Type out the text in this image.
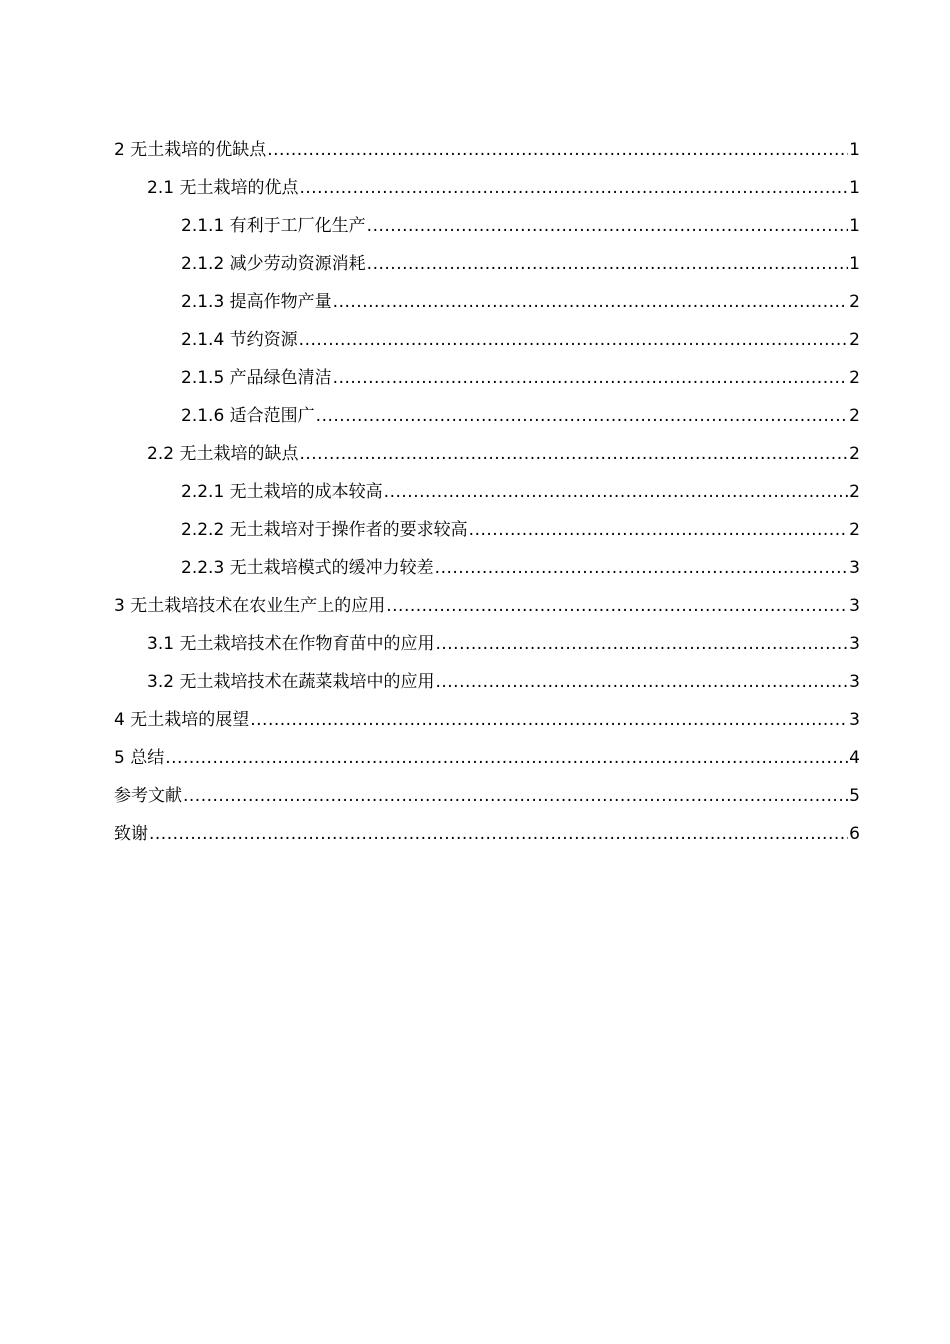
2 无土栽培的优缺点 .....	1
2.1 无土栽培的优点 .....	1
2.1.1 有利于工厂化生产 .....	1
2.1.2 减少劳动资源消耗 .....	1
2.1.3 提高作物产量 .....	2
2.1.4 节约资源 .....	2
2.1.5 产品绿色清洁 .....	2
2.1.6 适合范围广 .....	2
2.2 无土栽培的缺点 .....	2
2.2.1 无土栽培的成本较高 .....	2
2.2.2 无土栽培对于操作者的要求较高 .....	2
2.2.3 无土栽培模式的缓冲力较差 .....	3
3 无土栽培技术在农业生产上的应用 .....	3
3.1 无土栽培技术在作物育苗中的应用 .....	3
3.2 无土栽培技术在蔬菜栽培中的应用 .....	3
4 无土栽培的展望 .....	3
5 总结 .....	4
参考文献 .....	5
致谢 .....	6
